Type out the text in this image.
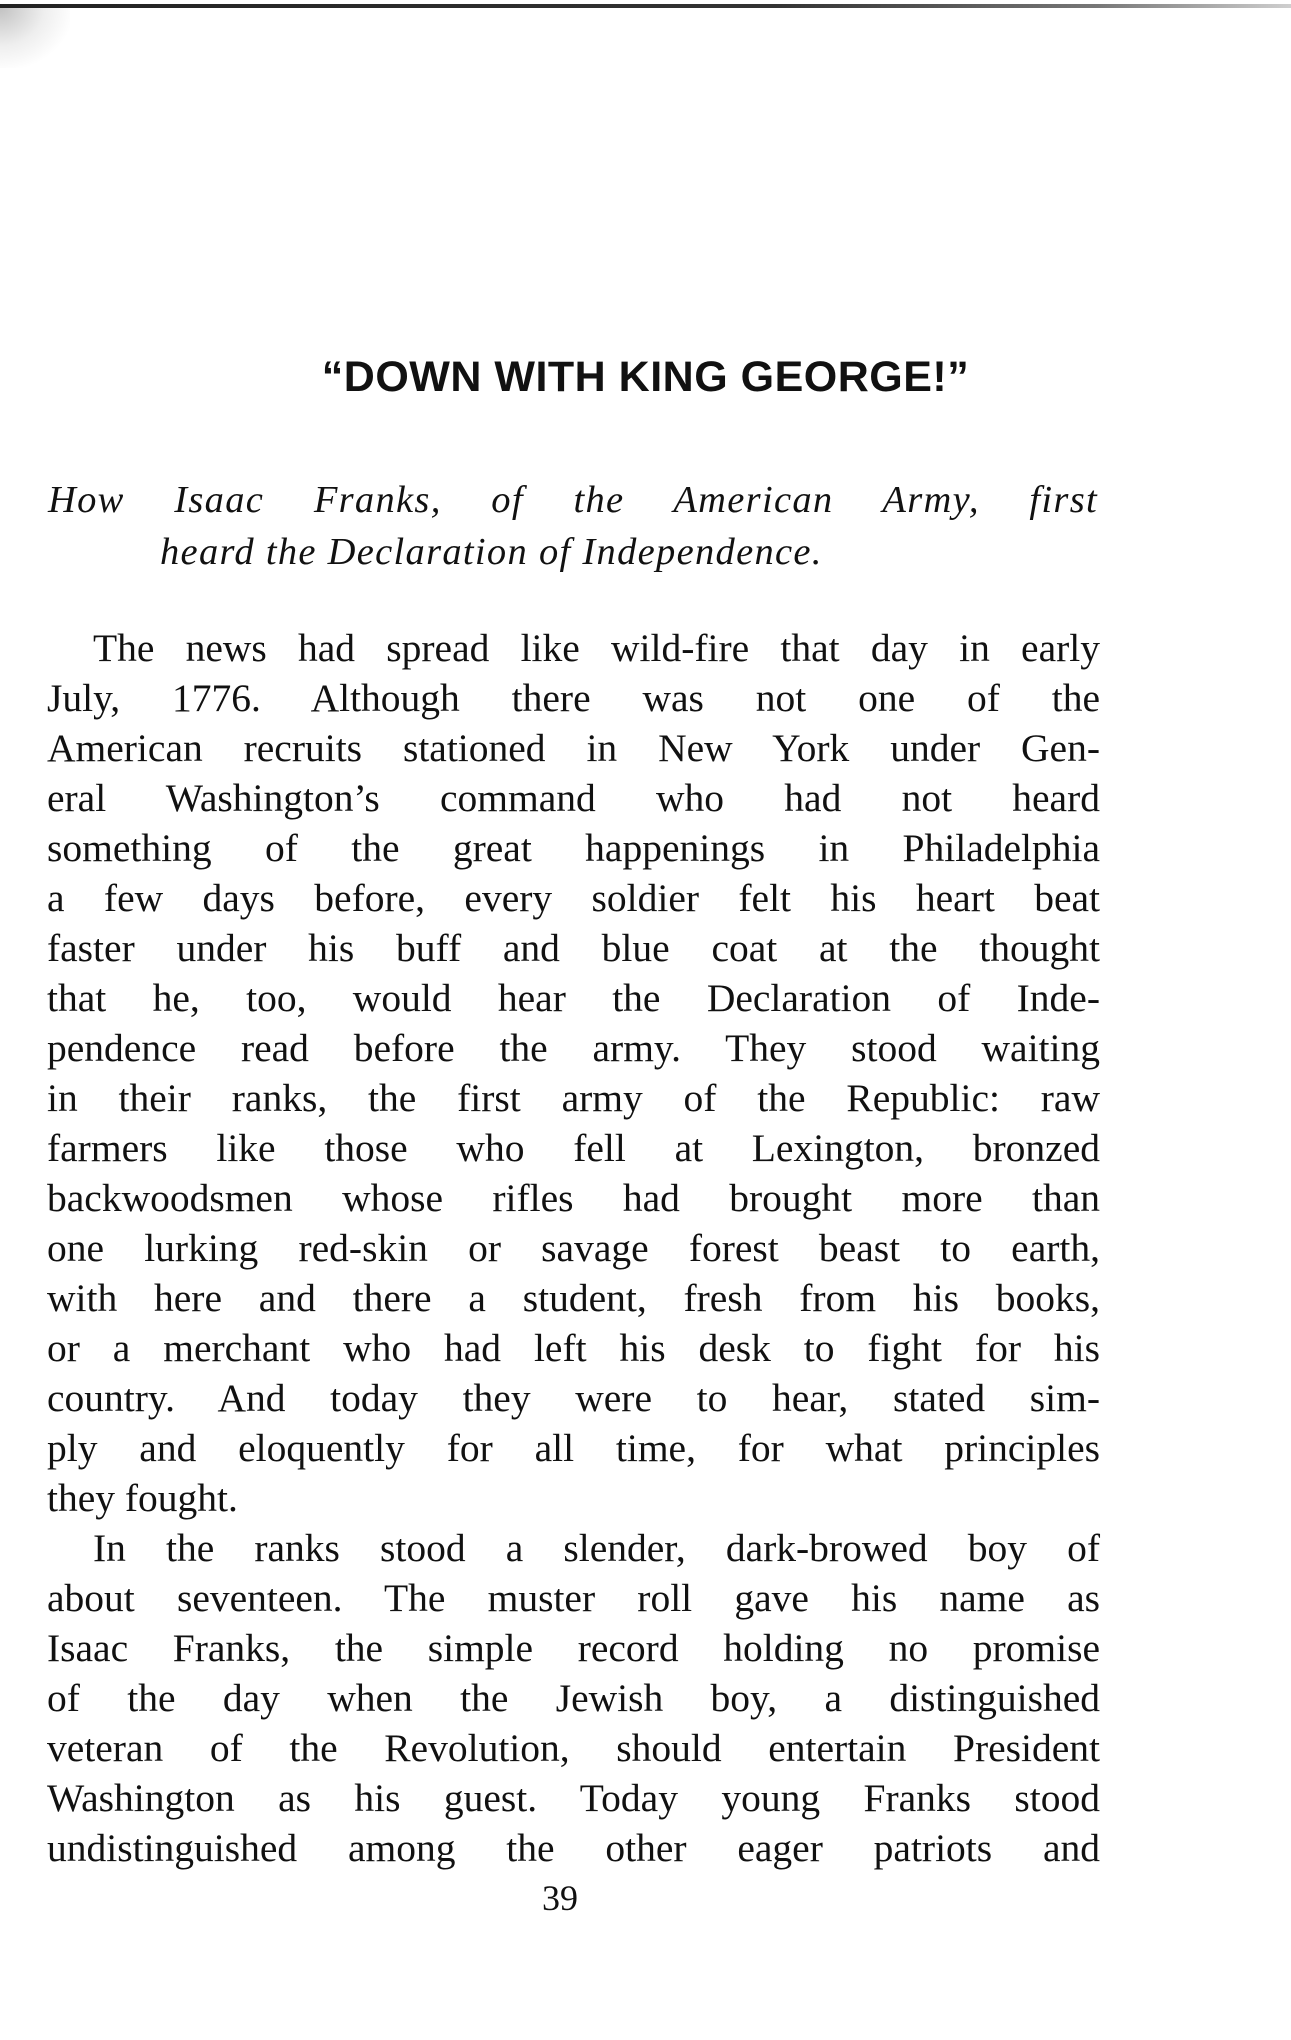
“DOWN WITH KING GEORGE!”

How Isaac Franks, of the American Army, first
heard the Declaration of Independence.

The news had spread like wild-fire that day in early
July, 1776. Although there was not one of the
American recruits stationed in New York under Gen-
eral Washington’s command who had not heard
something of the great happenings in Philadelphia
a few days before, every soldier felt his heart beat
faster under his buff and blue coat at the thought
that he, too, would hear the Declaration of Inde-
pendence read before the army. They stood waiting
in their ranks, the first army of the Republic: raw
farmers like those who fell at Lexington, bronzed
backwoodsmen whose rifles had brought more than
one lurking red-skin or savage forest beast to earth,
with here and there a student, fresh from his books,
or a merchant who had left his desk to fight for his
country. And today they were to hear, stated sim-
ply and eloquently for all time, for what principles
they fought.
In the ranks stood a slender, dark-browed boy of
about seventeen. The muster roll gave his name as
Isaac Franks, the simple record holding no promise
of the day when the Jewish boy, a distinguished
veteran of the Revolution, should entertain President
Washington as his guest. Today young Franks stood
undistinguished among the other eager patriots and
39
